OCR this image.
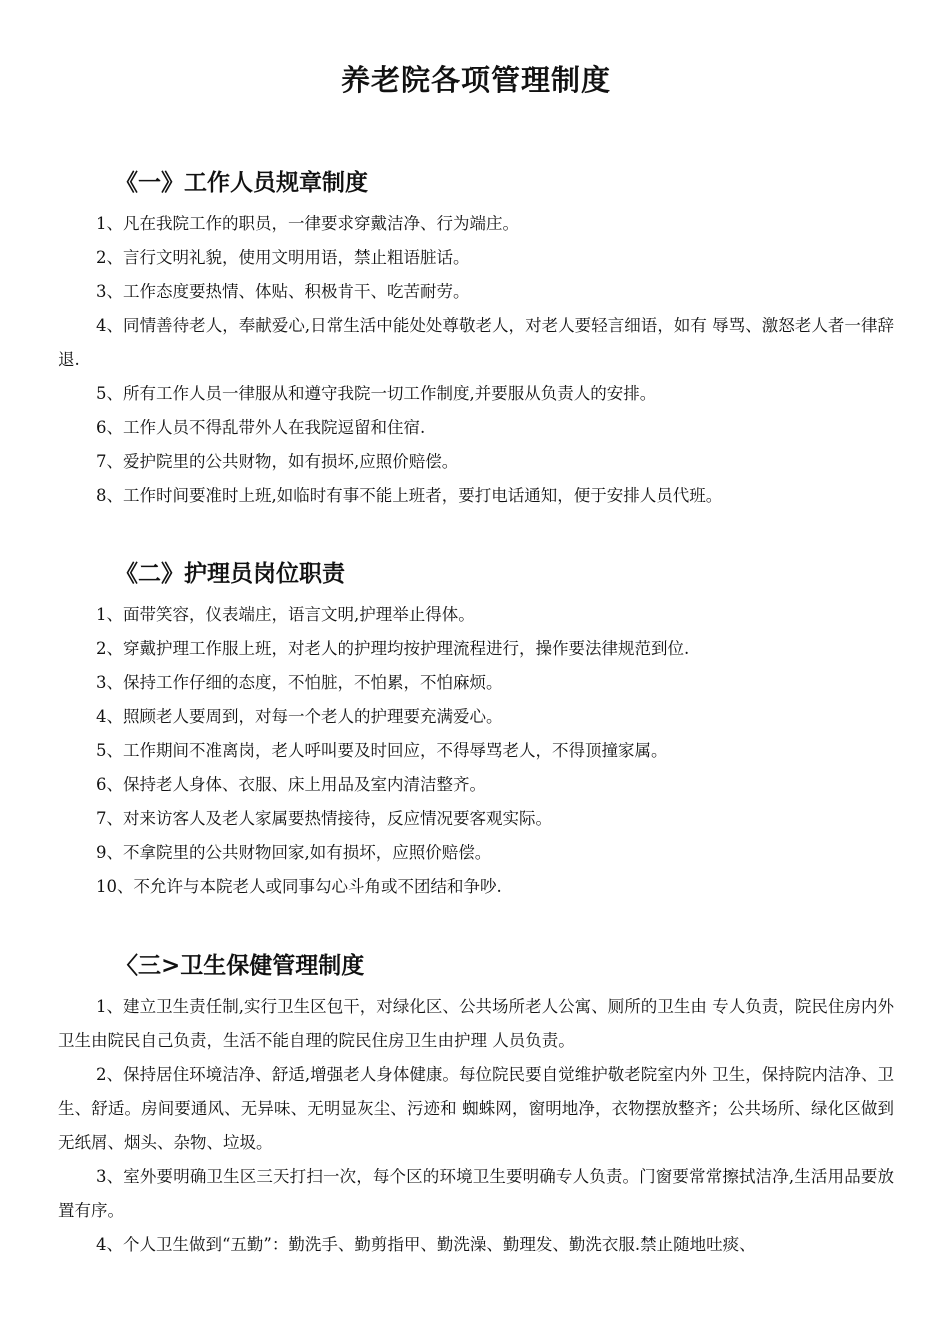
养老院各项管理制度
《一》工作人员规章制度

1、凡在我院工作的职员，一律要求穿戴洁净、行为端庄。

2、言行文明礼貌，使用文明用语，禁止粗语脏话。

3、工作态度要热情、体贴、积极肯干、吃苦耐劳。

4、同情善待老人，奉献爱心,日常生活中能处处尊敬老人，对老人要轻言细语，如有 辱骂、激怒老人者一律辞退.

5、所有工作人员一律服从和遵守我院一切工作制度,并要服从负责人的安排。

6、工作人员不得乱带外人在我院逗留和住宿.

7、爱护院里的公共财物，如有损坏,应照价赔偿。

8、工作时间要准时上班,如临时有事不能上班者，要打电话通知，便于安排人员代班。

《二》护理员岗位职责

1、面带笑容，仪表端庄，语言文明,护理举止得体。

2、穿戴护理工作服上班，对老人的护理均按护理流程进行，操作要法律规范到位.

3、保持工作仔细的态度，不怕脏，不怕累，不怕麻烦。

4、照顾老人要周到，对每一个老人的护理要充满爱心。

5、工作期间不准离岗，老人呼叫要及时回应，不得辱骂老人，不得顶撞家属。

6、保持老人身体、衣服、床上用品及室内清洁整齐。

7、对来访客人及老人家属要热情接待，反应情况要客观实际。

9、不拿院里的公共财物回家,如有损坏，应照价赔偿。

10、不允许与本院老人或同事勾心斗角或不团结和争吵.

〈三>卫生保健管理制度

1、建立卫生责任制,实行卫生区包干，对绿化区、公共场所老人公寓、厕所的卫生由 专人负责，院民住房内外卫生由院民自己负责，生活不能自理的院民住房卫生由护理 人员负责。

2、保持居住环境洁净、舒适,增强老人身体健康。每位院民要自觉维护敬老院室内外 卫生，保持院内洁净、卫生、舒适。房间要通风、无异味、无明显灰尘、污迹和 蜘蛛网，窗明地净，衣物摆放整齐；公共场所、绿化区做到无纸屑、烟头、杂物、垃圾。

3、室外要明确卫生区三天打扫一次，每个区的环境卫生要明确专人负责。门窗要常常擦拭洁净,生活用品要放置有序。

4、个人卫生做到“五勤”：勤洗手、勤剪指甲、勤洗澡、勤理发、勤洗衣服.禁止随地吐痰、
